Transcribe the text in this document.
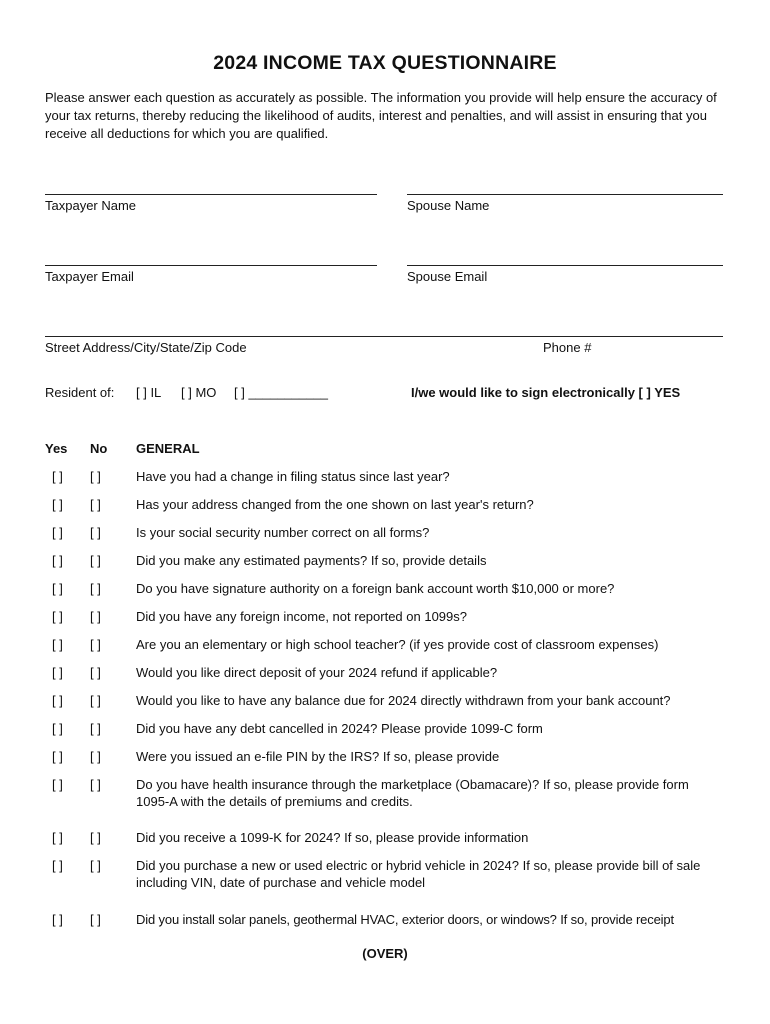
2024 INCOME TAX QUESTIONNAIRE
Please answer each question as accurately as possible. The information you provide will help ensure the accuracy of your tax returns, thereby reducing the likelihood of audits, interest and penalties, and will assist in ensuring that you receive all deductions for which you are qualified.
Taxpayer Name	Spouse Name
Taxpayer Email	Spouse Email
Street Address/City/State/Zip Code	Phone #
Resident of: [ ] IL [ ] MO [ ] ___________	I/we would like to sign electronically [ ] YES
Yes No GENERAL
[ ] [ ]	Have you had a change in filing status since last year?
[ ] [ ]	Has your address changed from the one shown on last year's return?
[ ] [ ]	Is your social security number correct on all forms?
[ ] [ ]	Did you make any estimated payments? If so, provide details
[ ] [ ]	Do you have signature authority on a foreign bank account worth $10,000 or more?
[ ] [ ]	Did you have any foreign income, not reported on 1099s?
[ ] [ ]	Are you an elementary or high school teacher? (if yes provide cost of classroom expenses)
[ ] [ ]	Would you like direct deposit of your 2024 refund if applicable?
[ ] [ ]	Would you like to have any balance due for 2024 directly withdrawn from your bank account?
[ ] [ ]	Did you have any debt cancelled in 2024? Please provide 1099-C form
[ ] [ ]	Were you issued an e-file PIN by the IRS? If so, please provide
[ ] [ ]	Do you have health insurance through the marketplace (Obamacare)? If so, please provide form 1095-A with the details of premiums and credits.
[ ] [ ]	Did you receive a 1099-K for 2024? If so, please provide information
[ ] [ ]	Did you purchase a new or used electric or hybrid vehicle in 2024? If so, please provide bill of sale including VIN, date of purchase and vehicle model
[ ] [ ]	Did you install solar panels, geothermal HVAC, exterior doors, or windows? If so, provide receipt
(OVER)
